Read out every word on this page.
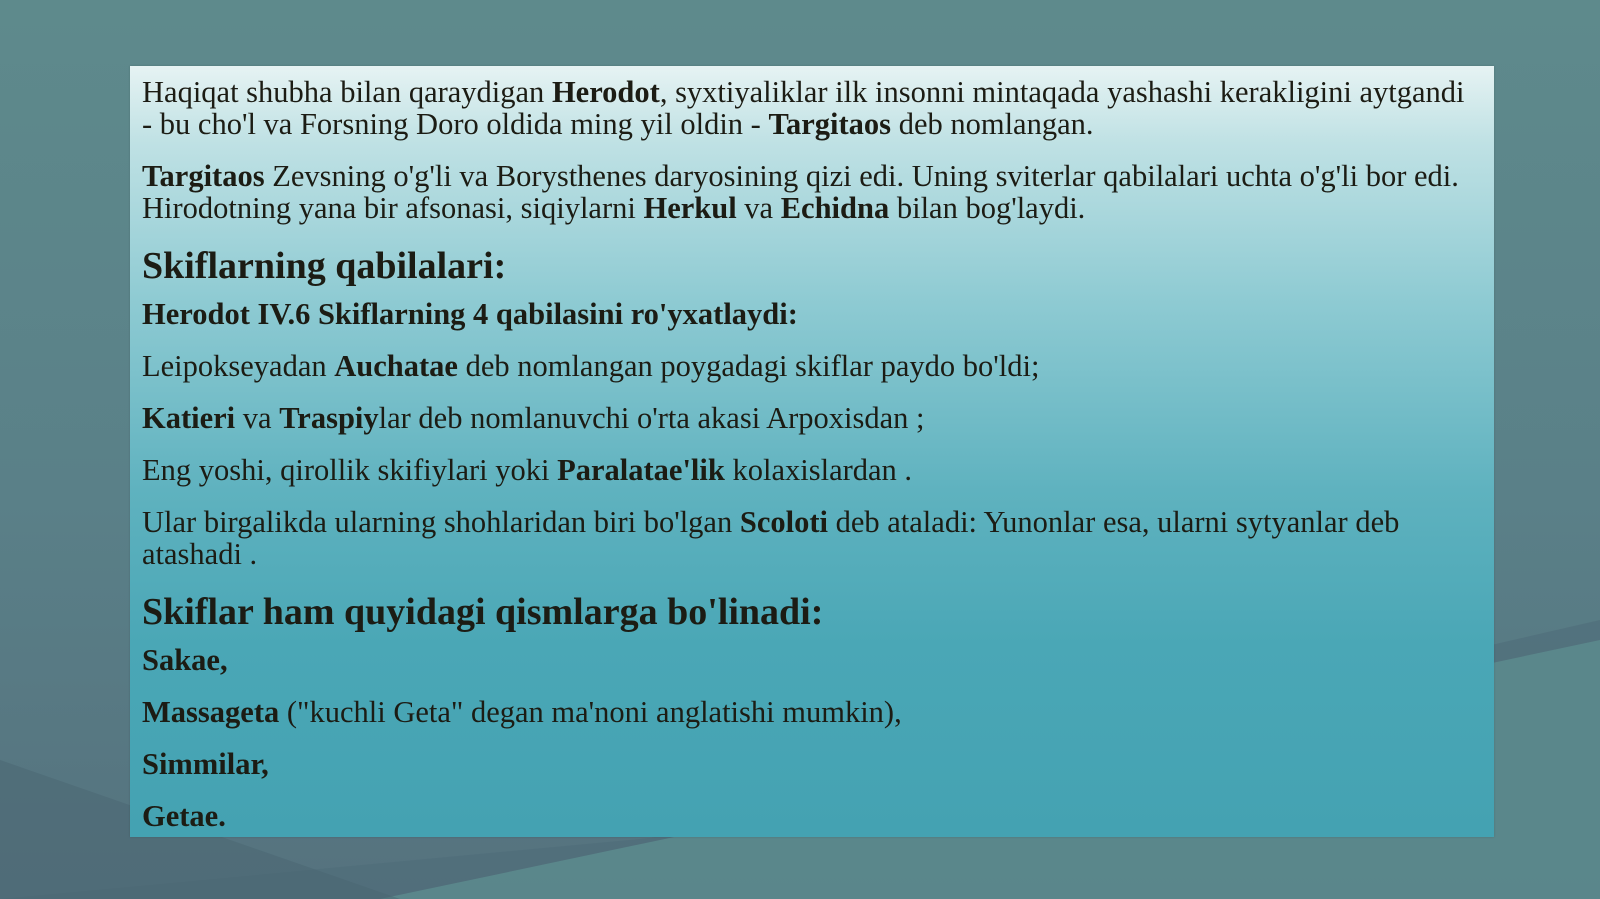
Haqiqat shubha bilan qaraydigan Herodot, syxtiyaliklar ilk insonni mintaqada yashashi kerakligini aytgandi - bu cho'l va Forsning Doro oldida ming yil oldin - Targitaos deb nomlangan.

Targitaos Zevsning o'g'li va Borysthenes daryosining qizi edi. Uning sviterlar qabilalari uchta o'g'li bor edi. Hirodotning yana bir afsonasi, siqiylarni Herkul va Echidna bilan bog'laydi.

Skiflarning qabilalari:

Herodot IV.6 Skiflarning 4 qabilasini ro'yxatlaydi:

Leipokseyadan Auchatae deb nomlangan poygadagi skiflar paydo bo'ldi;

Katieri va Traspiylar deb nomlanuvchi o'rta akasi Arpoxisdan ;

Eng yoshi, qirollik skifiylari yoki Paralatae'lik kolaxislardan .

Ular birgalikda ularning shohlaridan biri bo'lgan Scoloti deb ataladi: Yunonlar esa, ularni sytyanlar deb atashadi .

Skiflar ham quyidagi qismlarga bo'linadi:

Sakae,

Massageta ("kuchli Geta" degan ma'noni anglatishi mumkin),

Simmilar,

Getae.
